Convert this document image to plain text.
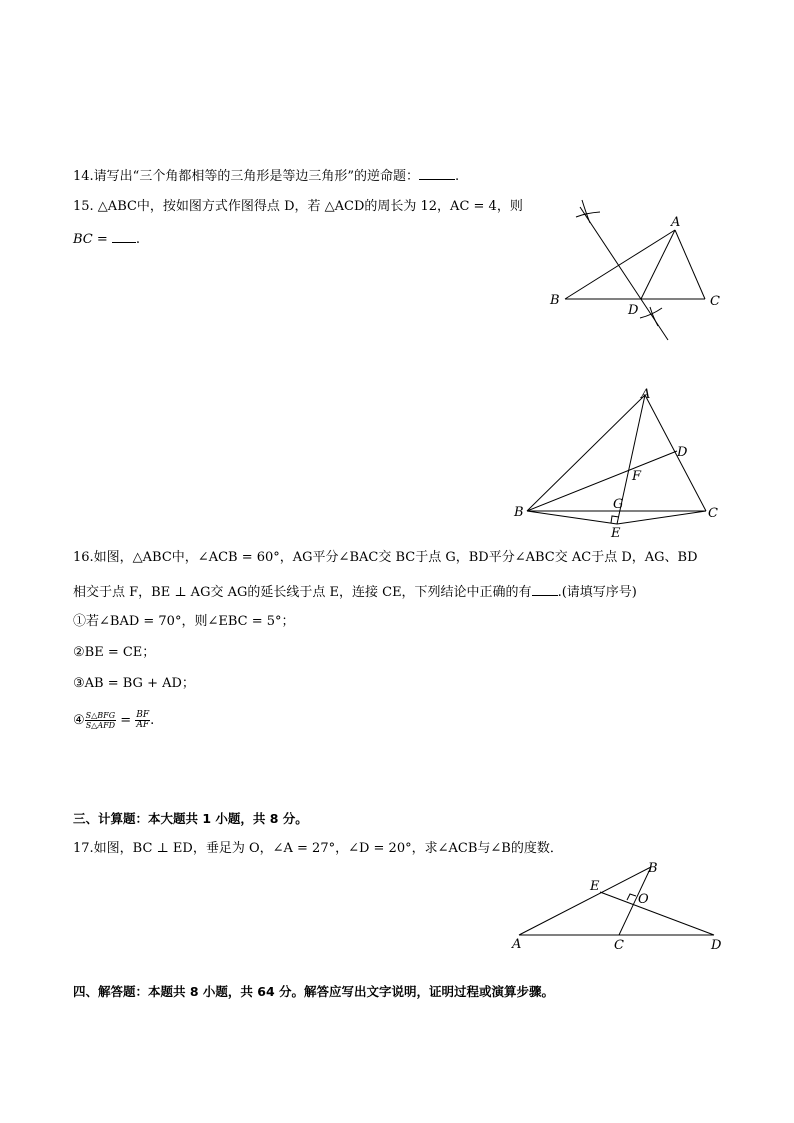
14.请写出“三个角都相等的三角形是等边三角形”的逆命题：	.
15. △ABC中，按如图方式作图得点 D，若 △ACD的周长为 12，AC = 4，则
BC = .
A
B	C
D
A
B	C
D
E
F
G
16.如图，△ABC中，∠ACB = 60°，AG平分∠BAC交 BC于点 G，BD平分∠ABC交 AC于点 D，AG、BD
相交于点 F，BE ⊥ AG交 AG的延长线于点 E，连接 CE，下列结论中正确的有 .(请填写序号)
①若∠BAD = 70°，则∠EBC = 5°；
②BE = CE；
③AB = BG + AD；
④ $\frac{\text{S△BFG}}{\text{S△AFD}} = \frac{BF}{AF}$ .
三、计算题：本大题共 1 小题，共 8 分。
17.如图，BC ⊥ ED，垂足为 O，∠A = 27°，∠D = 20°，求∠ACB与∠B的度数．
A
B
C	D
E
O
四、解答题：本题共 8 小题，共 64 分。解答应写出文字说明，证明过程或演算步骤。
